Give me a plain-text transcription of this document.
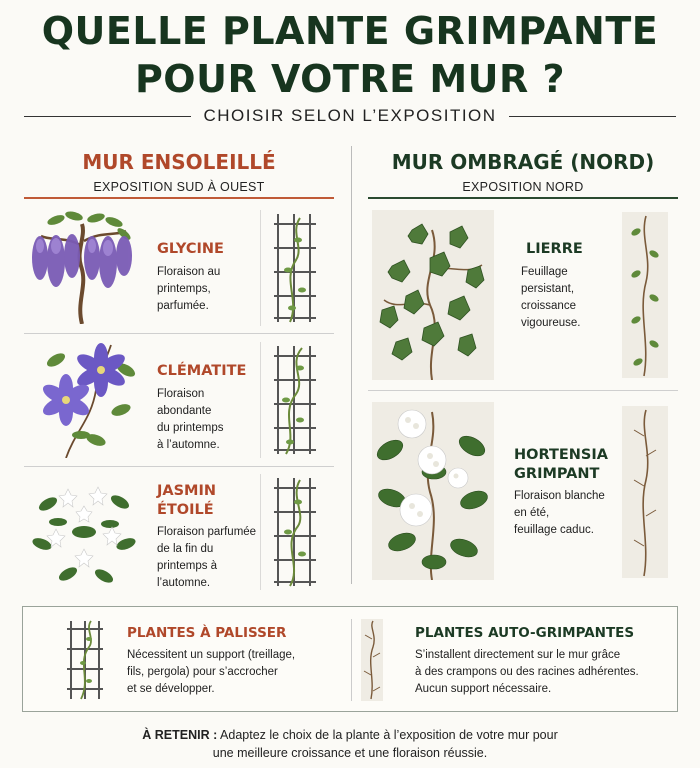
QUELLE PLANTE GRIMPANTE
POUR VOTRE MUR ?
CHOISIR SELON L’EXPOSITION
MUR ENSOLEILLÉ
EXPOSITION SUD À OUEST
MUR OMBRAGÉ (NORD)
EXPOSITION NORD
GLYCINE
Floraison au
printemps,
parfumée.
CLÉMATITE
Floraison
abondante
du printemps
à l’automne.
JASMIN
ÉTOILÉ
Floraison parfumée
de la fin du
printemps à
l’automne.
LIERRE
Feuillage
persistant,
croissance
vigoureuse.
HORTENSIA
GRIMPANT
Floraison blanche
en été,
feuillage caduc.
PLANTES À PALISSER
Nécessitent un support (treillage,
fils, pergola) pour s’accrocher
et se développer.
PLANTES AUTO-GRIMPANTES
S’installent directement sur le mur grâce
à des crampons ou des racines adhérentes.
Aucun support nécessaire.
À RETENIR : Adaptez le choix de la plante à l’exposition de votre mur pour
une meilleure croissance et une floraison réussie.
